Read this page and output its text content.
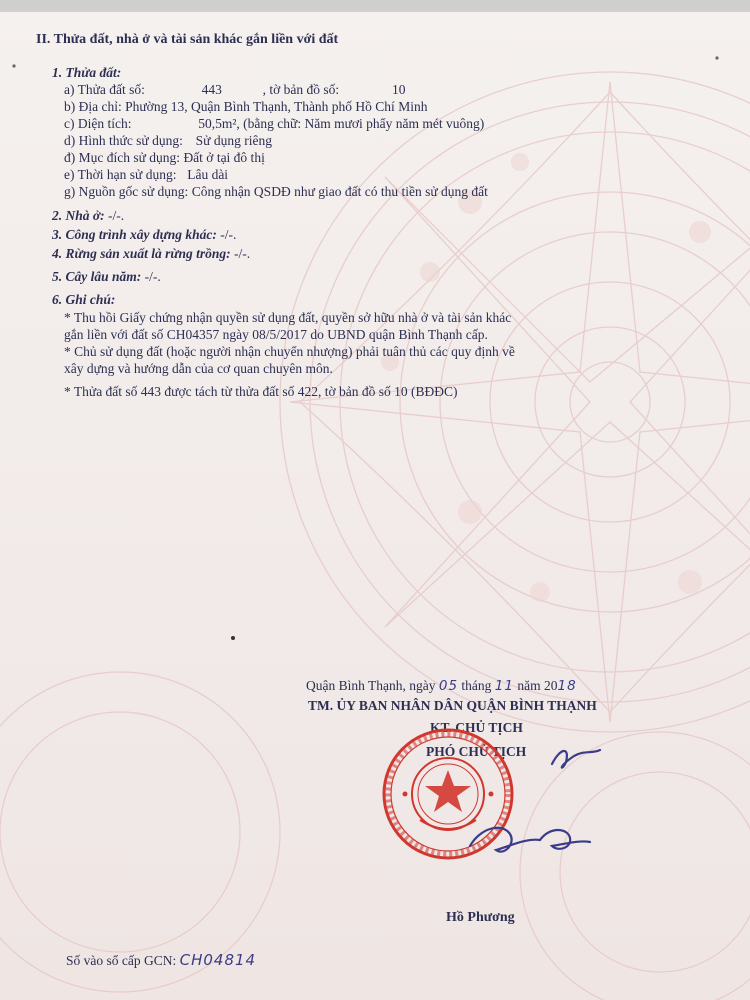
II. Thửa đất, nhà ở và tài sản khác gắn liền với đất
1. Thửa đất:
a) Thửa đất số:	443	, tờ bản đồ số:	10
b) Địa chỉ: Phường 13, Quận Bình Thạnh, Thành phố Hồ Chí Minh
c) Diện tích:	50,5m², (bằng chữ: Năm mươi phẩy năm mét vuông)
d) Hình thức sử dụng: Sử dụng riêng
đ) Mục đích sử dụng: Đất ở tại đô thị
e) Thời hạn sử dụng: Lâu dài
g) Nguồn gốc sử dụng: Công nhận QSDĐ như giao đất có thu tiền sử dụng đất
2. Nhà ở: -/-.
3. Công trình xây dựng khác: -/-.
4. Rừng sản xuất là rừng trồng: -/-.
5. Cây lâu năm: -/-.
6. Ghi chú:
* Thu hồi Giấy chứng nhận quyền sử dụng đất, quyền sở hữu nhà ở và tài sản khác
gắn liền với đất số CH04357 ngày 08/5/2017 do UBND quận Bình Thạnh cấp.
* Chủ sử dụng đất (hoặc người nhận chuyển nhượng) phải tuân thủ các quy định về
xây dựng và hướng dẫn của cơ quan chuyên môn.
* Thửa đất số 443 được tách từ thửa đất số 422, tờ bản đồ số 10 (BĐĐC)
Quận Bình Thạnh, ngày 05 tháng 11 năm 2018
TM. ỦY BAN NHÂN DÂN QUẬN BÌNH THẠNH
KT. CHỦ TỊCH
PHÓ CHỦ TỊCH
Hồ Phương
Số vào sổ cấp GCN: CH04814
